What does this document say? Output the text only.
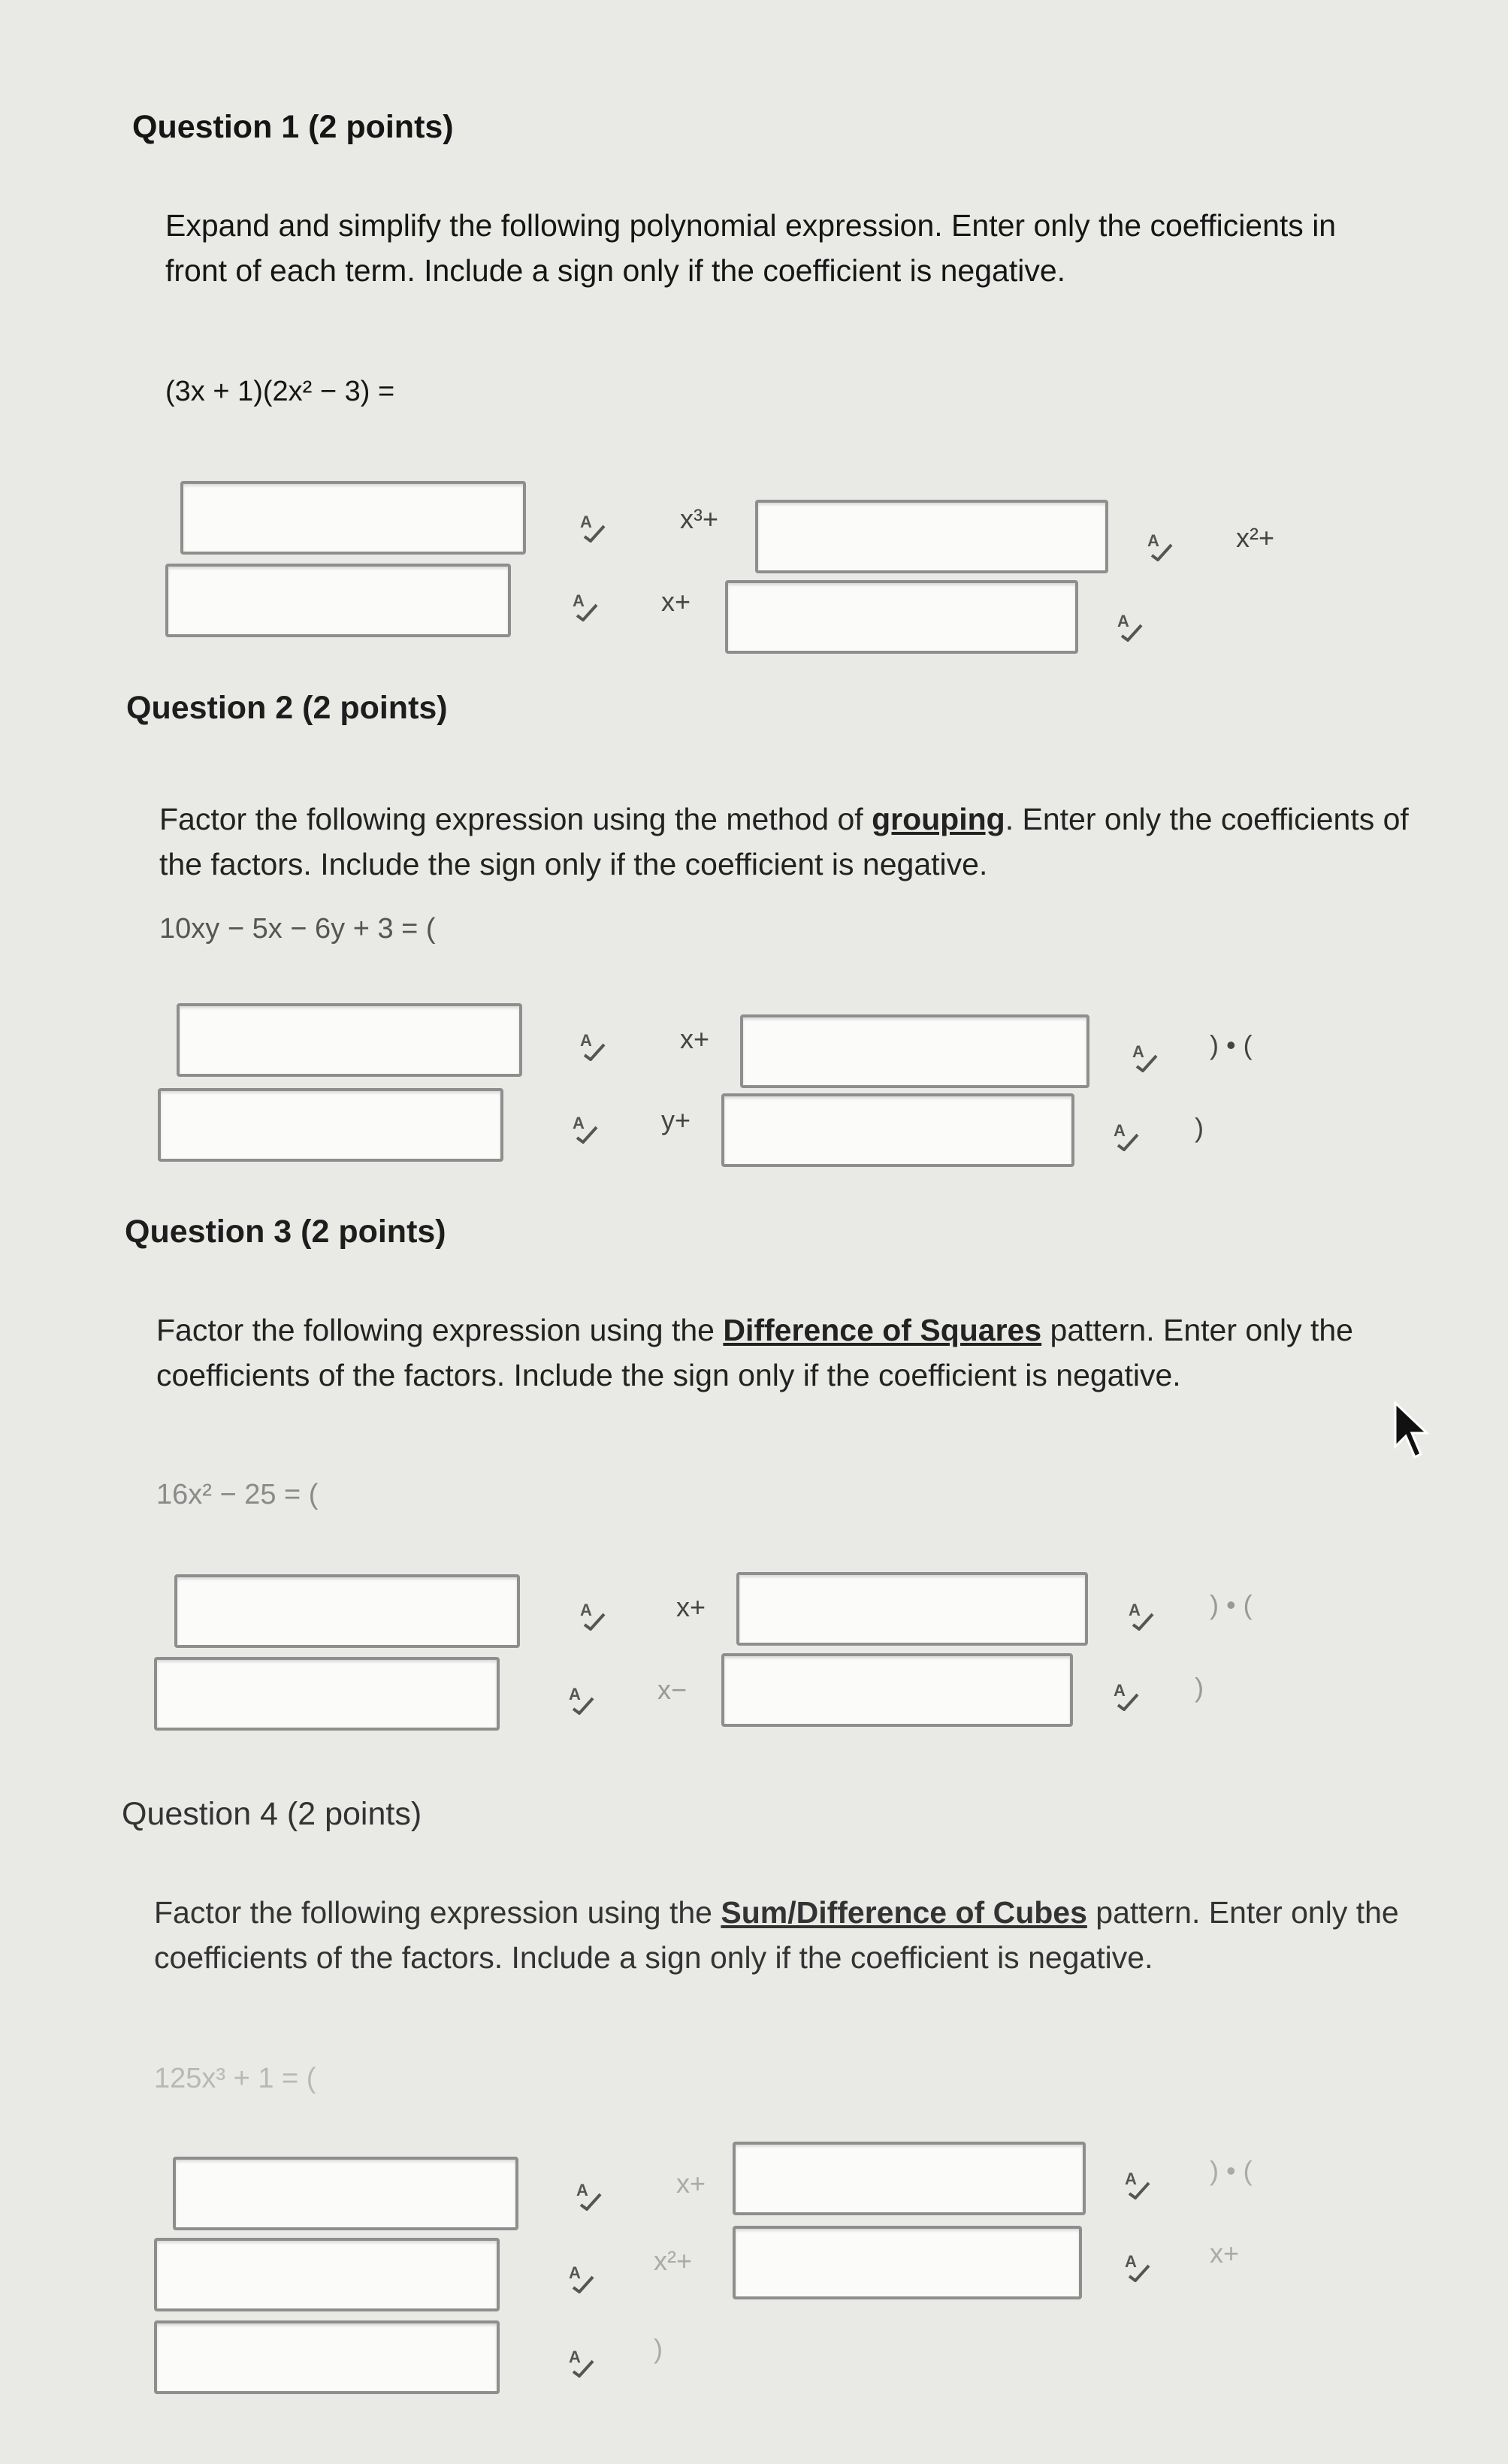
Question 1 (2 points)
Expand and simplify the following polynomial expression. Enter only the coefficients in front of each term. Include a sign only if the coefficient is negative.
(3x + 1)(2x² − 3) =
x³+
x²+
x+
Question 2 (2 points)
Factor the following expression using the method of grouping. Enter only the coefficients of the factors. Include the sign only if the coefficient is negative.
10xy − 5x − 6y + 3 = (
x+	) • (
y+	)
Question 3 (2 points)
Factor the following expression using the Difference of Squares pattern. Enter only the coefficients of the factors. Include the sign only if the coefficient is negative.
16x² − 25 = (
x+	) • (
x−	)
Question 4 (2 points)
Factor the following expression using the Sum/Difference of Cubes pattern. Enter only the coefficients of the factors. Include a sign only if the coefficient is negative.
125x³ + 1 = (
x+	) • (
x²+	x+
)
